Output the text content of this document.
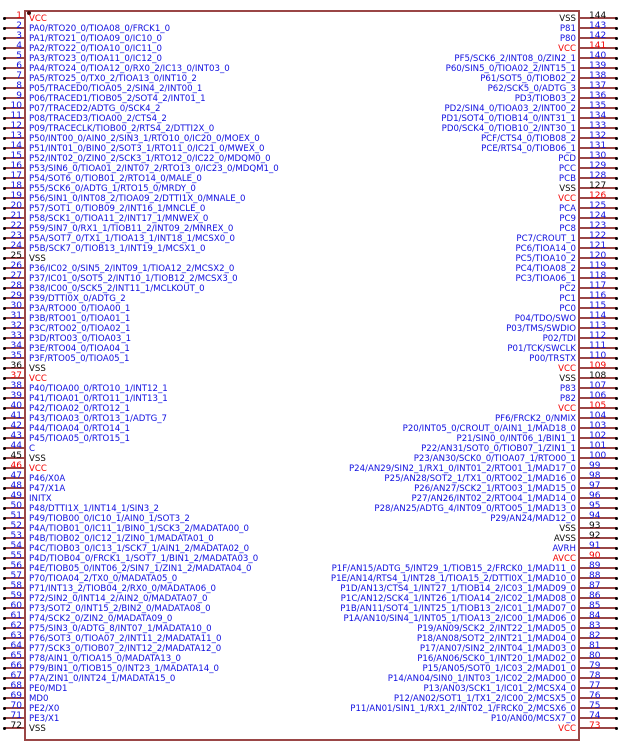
1 VCC
2 PA0/RTO20_0/TIOA08_0/FRCK1_0
3 PA1/RTO21_0/TIOA09_0/IC10_0
4 PA2/RTO22_0/TIOA10_0/IC11_0
5 PA3/RTO23_0/TIOA11_0/IC12_0
6 PA4/RTO24_0/TIOA12_0/RX0_2/IC13_0/INT03_0
7 PA5/RTO25_0/TX0_2/TIOA13_0/INT10_2
8 P05/TRACED0/TIOA05_2/SIN4_2/INT00_1
9 P06/TRACED1/TIOB05_2/SOT4_2/INT01_1
10 P07/TRACED2/ADTG_0/SCK4_2
11 P08/TRACED3/TIOA00_2/CTS4_2
12 P09/TRACECLK/TIOB00_2/RTS4_2/DTTI2X_0
13 P50/INT00_0/AIN0_2/SIN3_1/RTO10_0/IC20_0/MOEX_0
14 P51/INT01_0/BIN0_2/SOT3_1/RTO11_0/IC21_0/MWEX_0
15 P52/INT02_0/ZIN0_2/SCK3_1/RTO12_0/IC22_0/MDQM0_0
16 P53/SIN6_0/TIOA01_2/INT07_2/RTO13_0/IC23_0/MDQM1_0
17 P54/SOT6_0/TIOB01_2/RTO14_0/MALE_0
18 P55/SCK6_0/ADTG_1/RTO15_0/MRDY_0
19 P56/SIN1_0/INT08_2/TIOA09_2/DTTI1X_0/MNALE_0
20 P57/SOT1_0/TIOB09_2/INT16_1/MNCLE_0
21 P58/SCK1_0/TIOA11_2/INT17_1/MNWEX_0
22 P59/SIN7_0/RX1_1/TIOB11_2/INT09_2/MNREX_0
23 P5A/SOT7_0/TX1_1/TIOA13_1/INT18_1/MCSX0_0
24 P5B/SCK7_0/TIOB13_1/INT19_1/MCSX1_0
25 VSS
26 P36/IC02_0/SIN5_2/INT09_1/TIOA12_2/MCSX2_0
27 P37/IC01_0/SOT5_2/INT10_1/TIOB12_2/MCSX3_0
28 P38/IC00_0/SCK5_2/INT11_1/MCLKOUT_0
29 P39/DTTI0X_0/ADTG_2
30 P3A/RTO00_0/TIOA00_1
31 P3B/RTO01_0/TIOA01_1
32 P3C/RTO02_0/TIOA02_1
33 P3D/RTO03_0/TIOA03_1
34 P3E/RTO04_0/TIOA04_1
35 P3F/RTO05_0/TIOA05_1
36 VSS
37 VCC
38 P40/TIOA00_0/RTO10_1/INT12_1
39 P41/TIOA01_0/RTO11_1/INT13_1
40 P42/TIOA02_0/RTO12_1
41 P43/TIOA03_0/RTO13_1/ADTG_7
42 P44/TIOA04_0/RTO14_1
43 P45/TIOA05_0/RTO15_1
44 C
45 VSS
46 VCC
47 P46/X0A
48 P47/X1A
49 INITX
50 P48/DTTI1X_1/INT14_1/SIN3_2
51 P49/TIOB00_0/IC10_1/AIN0_1/SOT3_2
52 P4A/TIOB01_0/IC11_1/BIN0_1/SCK3_2/MADATA00_0
53 P4B/TIOB02_0/IC12_1/ZIN0_1/MADATA01_0
54 P4C/TIOB03_0/IC13_1/SCK7_1/AIN1_2/MADATA02_0
55 P4D/TIOB04_0/FRCK1_1/SOT7_1/BIN1_2/MADATA03_0
56 P4E/TIOB05_0/INT06_2/SIN7_1/ZIN1_2/MADATA04_0
57 P70/TIOA04_2/TX0_0/MADATA05_0
58 P71/INT13_2/TIOB04_2/RX0_0/MADATA06_0
59 P72/SIN2_0/INT14_2/AIN2_0/MADATA07_0
60 P73/SOT2_0/INT15_2/BIN2_0/MADATA08_0
61 P74/SCK2_0/ZIN2_0/MADATA09_0
62 P75/SIN3_0/ADTG_8/INT07_1/MADATA10_0
63 P76/SOT3_0/TIOA07_2/INT11_2/MADATA11_0
64 P77/SCK3_0/TIOB07_2/INT12_2/MADATA12_0
65 P78/AIN1_0/TIOA15_0/MADATA13_0
66 P79/BIN1_0/TIOB15_0/INT23_1/MADATA14_0
67 P7A/ZIN1_0/INT24_1/MADATA15_0
68 PE0/MD1
69 MD0
70 PE2/X0
71 PE3/X1
72 VSS
144
VSS
143
P81
142
P80
141
VCC
140
PF5/SCK6_2/INT08_0/ZIN2_1
139
P60/SIN5_0/TIOA02_2/INT15_1
138
P61/SOT5_0/TIOB02_2
137
P62/SCK5_0/ADTG_3
136
PD3/TIOB03_2
135
PD2/SIN4_0/TIOA03_2/INT00_2
134
PD1/SOT4_0/TIOB14_0/INT31_1
133
PD0/SCK4_0/TIOB10_2/INT30_1
132
PCF/CTS4_0/TIOB08_2
131
PCE/RTS4_0/TIOB06_1
130
PCD
129
PCC
128
PCB
127
VSS
126
VCC
125
PCA
124
PC9
123
PC8
122
PC7/CROUT_1
121
PC6/TIOA14_0
120
PC5/TIOA10_2
119
PC4/TIOA08_2
118
PC3/TIOA06_1
117
PC2
116
PC1
115
PC0
114
P04/TDO/SWO
113
P03/TMS/SWDIO
112
P02/TDI
111
P01/TCK/SWCLK
110
P00/TRSTX
109
VCC
108
VSS
107
P83
106
P82
105
VCC
104
PF6/FRCK2_0/NMIX
103
P20/INT05_0/CROUT_0/AIN1_1/MAD18_0
102
P21/SIN0_0/INT06_1/BIN1_1
101
P22/AN31/SOT0_0/TIOB07_1/ZIN1_1
100
P23/AN30/SCK0_0/TIOA07_1/RTO00_1
99
P24/AN29/SIN2_1/RX1_0/INT01_2/RTO01_1/MAD17_0
98
P25/AN28/SOT2_1/TX1_0/RTO02_1/MAD16_0
97
P26/AN27/SCK2_1/RTO03_1/MAD15_0
96
P27/AN26/INT02_2/RTO04_1/MAD14_0
95
P28/AN25/ADTG_4/INT09_0/RTO05_1/MAD13_0
94
P29/AN24/MAD12_0
93
VSS
92
AVSS
91
AVRH
90
AVCC
89
P1F/AN15/ADTG_5/INT29_1/TIOB15_2/FRCK0_1/MAD11_0
88
P1E/AN14/RTS4_1/INT28_1/TIOA15_2/DTTI0X_1/MAD10_0
87
P1D/AN13/CTS4_1/INT27_1/TIOB14_2/IC03_1/MAD09_0
86
P1C/AN12/SCK4_1/INT26_1/TIOA14_2/IC02_1/MAD08_0
85
P1B/AN11/SOT4_1/INT25_1/TIOB13_2/IC01_1/MAD07_0
84
P1A/AN10/SIN4_1/INT05_1/TIOA13_2/IC00_1/MAD06_0
83
P19/AN09/SCK2_2/INT22_1/MAD05_0
82
P18/AN08/SOT2_2/INT21_1/MAD04_0
81
P17/AN07/SIN2_2/INT04_1/MAD03_0
80
P16/AN06/SCK0_1/INT20_1/MAD02_0
79
P15/AN05/SOT0_1/IC03_2/MAD01_0
78
P14/AN04/SIN0_1/INT03_1/IC02_2/MAD00_0
77
P13/AN03/SCK1_1/IC01_2/MCSX4_0
76
P12/AN02/SOT1_1/TX1_2/IC00_2/MCSX5_0
75
P11/AN01/SIN1_1/RX1_2/INT02_1/FRCK0_2/MCSX6_0
74
P10/AN00/MCSX7_0
73
VCC
